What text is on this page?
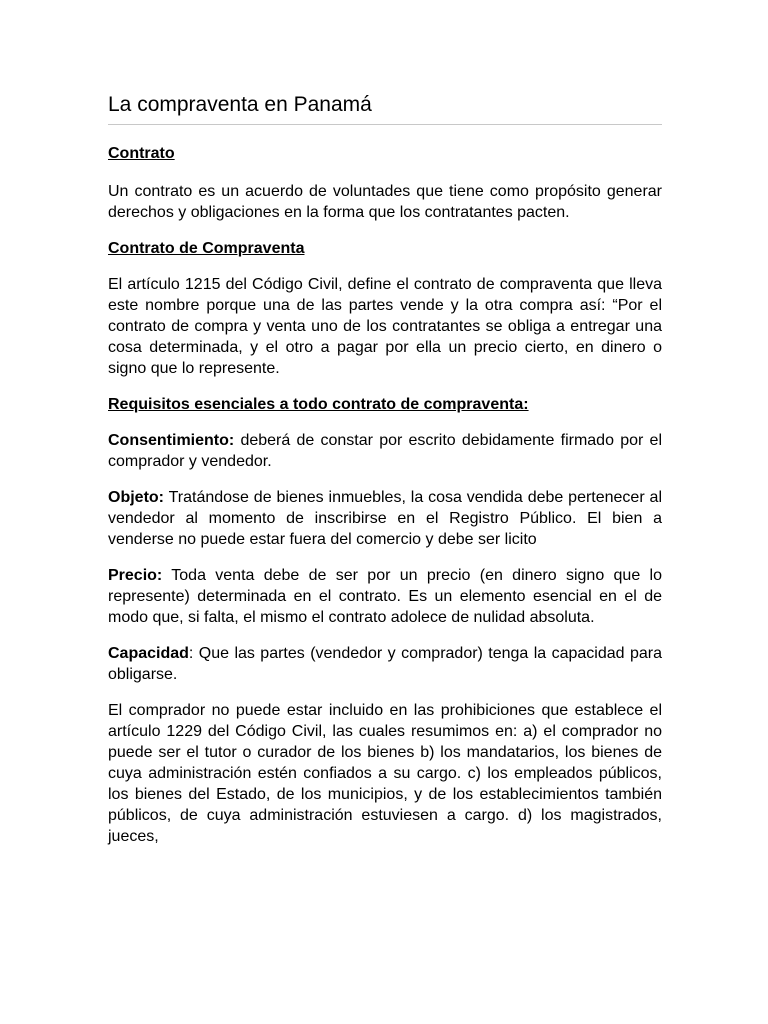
La compraventa en Panamá

Contrato

Un contrato es un acuerdo de voluntades que tiene como propósito generar derechos y obligaciones en la forma que los contratantes pacten.

Contrato de Compraventa

El artículo 1215 del Código Civil, define el contrato de compraventa que lleva este nombre porque una de las partes vende y la otra compra así: “Por el contrato de compra y venta uno de los contratantes se obliga a entregar una cosa determinada, y el otro a pagar por ella un precio cierto, en dinero o signo que lo represente.

Requisitos esenciales a todo contrato de compraventa:

Consentimiento: deberá de constar por escrito debidamente firmado por el comprador y vendedor.

Objeto: Tratándose de bienes inmuebles, la cosa vendida debe pertenecer al vendedor al momento de inscribirse en el Registro Público. El bien a venderse no puede estar fuera del comercio y debe ser licito

Precio: Toda venta debe de ser por un precio (en dinero signo que lo represente) determinada en el contrato. Es un elemento esencial en el de modo que, si falta, el mismo el contrato adolece de nulidad absoluta.

Capacidad: Que las partes (vendedor y comprador) tenga la capacidad para obligarse.

El comprador no puede estar incluido en las prohibiciones que establece el artículo 1229 del Código Civil, las cuales resumimos en: a) el comprador no puede ser el tutor o curador de los bienes b) los mandatarios, los bienes de cuya administración estén confiados a su cargo. c) los empleados públicos, los bienes del Estado, de los municipios, y de los establecimientos también públicos, de cuya administración estuviesen a cargo. d) los magistrados, jueces,
